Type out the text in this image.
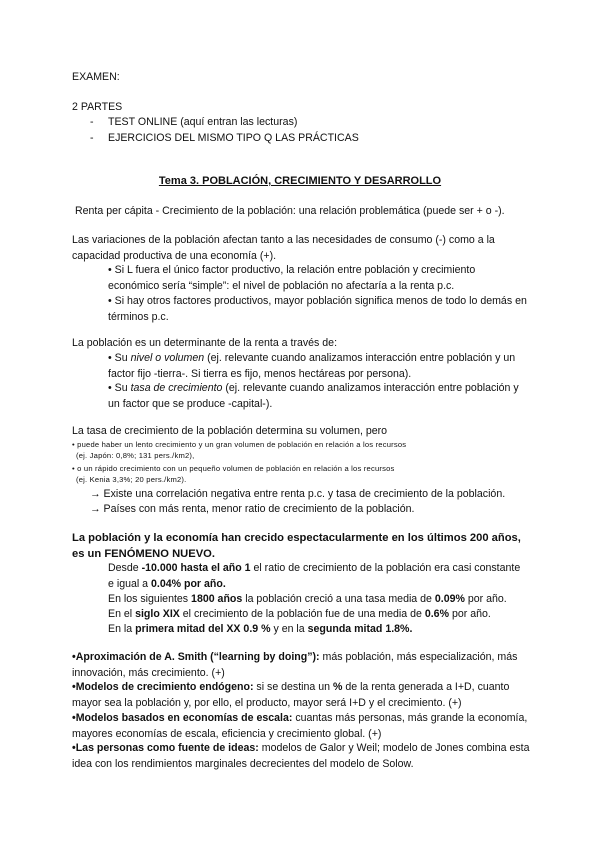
EXAMEN:
2 PARTES
- TEST ONLINE (aquí entran las lecturas)
- EJERCICIOS DEL MISMO TIPO Q LAS PRÁCTICAS
Tema 3. POBLACIÓN, CRECIMIENTO Y DESARROLLO
Renta per cápita - Crecimiento de la población: una relación problemática (puede ser + o -).
Las variaciones de la población afectan tanto a las necesidades de consumo (-) como a la capacidad productiva de una economía (+).
• Si L fuera el único factor productivo, la relación entre población y crecimiento económico sería “simple”: el nivel de población no afectaría a la renta p.c.
• Si hay otros factores productivos, mayor población significa menos de todo lo demás en términos p.c.
La población es un determinante de la renta a través de:
• Su nivel o volumen (ej. relevante cuando analizamos interacción entre población y un factor fijo -tierra-. Si tierra es fijo, menos hectáreas por persona).
• Su tasa de crecimiento (ej. relevante cuando analizamos interacción entre población y un factor que se produce -capital-).
La tasa de crecimiento de la población determina su volumen, pero
• puede haber un lento crecimiento y un gran volumen de población en relación a los recursos
(ej. Japón: 0,8%; 131 pers./km2),
• o un rápido crecimiento con un pequeño volumen de población en relación a los recursos
(ej. Kenia 3,3%; 20 pers./km2).
→ Existe una correlación negativa entre renta p.c. y tasa de crecimiento de la población.
→ Países con más renta, menor ratio de crecimiento de la población.
La población y la economía han crecido espectacularmente en los últimos 200 años, es un FENÓMENO NUEVO.
Desde -10.000 hasta el año 1 el ratio de crecimiento de la población era casi constante e igual a 0.04% por año.
En los siguientes 1800 años la población creció a una tasa media de 0.09% por año.
En el siglo XIX el crecimiento de la población fue de una media de 0.6% por año.
En la primera mitad del XX 0.9 % y en la segunda mitad 1.8%.
•Aproximación de A. Smith (“learning by doing”): más población, más especialización, más innovación, más crecimiento. (+)
•Modelos de crecimiento endógeno: si se destina un % de la renta generada a I+D, cuanto mayor sea la población y, por ello, el producto, mayor será I+D y el crecimiento. (+)
•Modelos basados en economías de escala: cuantas más personas, más grande la economía, mayores economías de escala, eficiencia y crecimiento global. (+)
•Las personas como fuente de ideas: modelos de Galor y Weil; modelo de Jones combina esta idea con los rendimientos marginales decrecientes del modelo de Solow.
